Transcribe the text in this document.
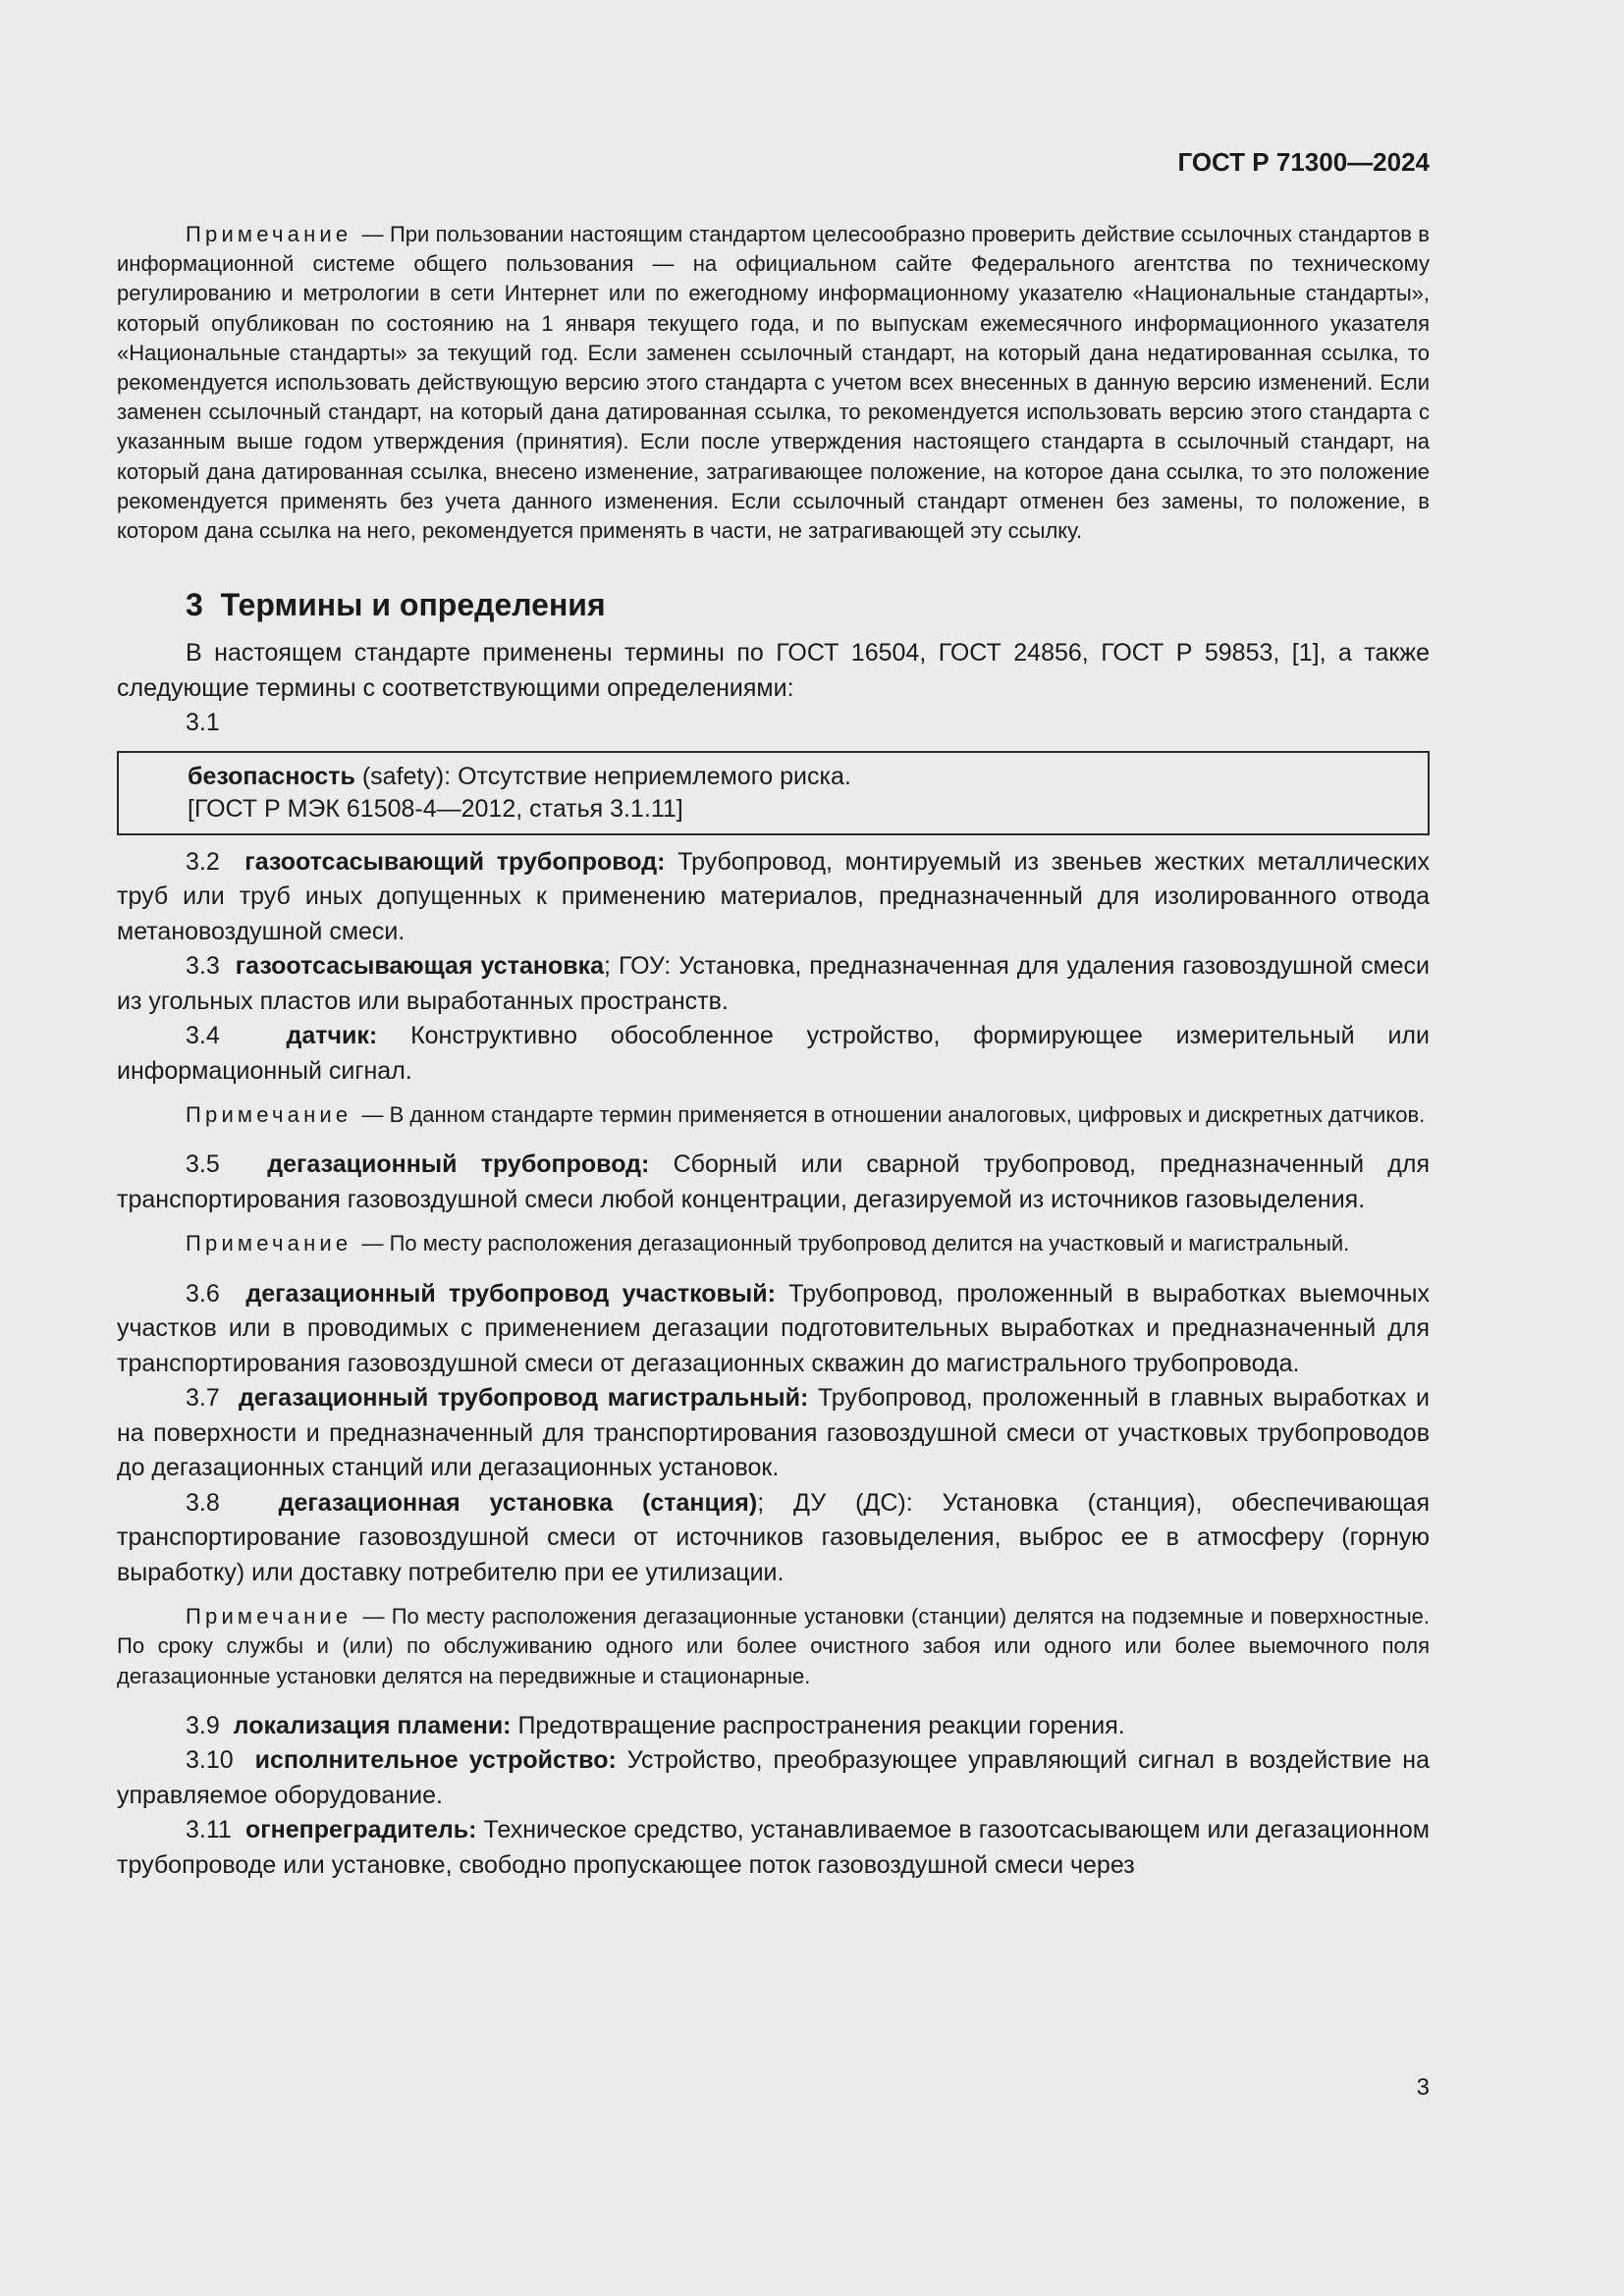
ГОСТ Р 71300—2024

Примечание — При пользовании настоящим стандартом целесообразно проверить действие ссылочных стандартов в информационной системе общего пользования — на официальном сайте Федерального агентства по техническому регулированию и метрологии в сети Интернет или по ежегодному информационному указателю «Национальные стандарты», который опубликован по состоянию на 1 января текущего года, и по выпускам ежемесячного информационного указателя «Национальные стандарты» за текущий год. Если заменен ссылочный стандарт, на который дана недатированная ссылка, то рекомендуется использовать действующую версию этого стандарта с учетом всех внесенных в данную версию изменений. Если заменен ссылочный стандарт, на который дана датированная ссылка, то рекомендуется использовать версию этого стандарта с указанным выше годом утверждения (принятия). Если после утверждения настоящего стандарта в ссылочный стандарт, на который дана датированная ссылка, внесено изменение, затрагивающее положение, на которое дана ссылка, то это положение рекомендуется применять без учета данного изменения. Если ссылочный стандарт отменен без замены, то положение, в котором дана ссылка на него, рекомендуется применять в части, не затрагивающей эту ссылку.

3 Термины и определения

В настоящем стандарте применены термины по ГОСТ 16504, ГОСТ 24856, ГОСТ Р 59853, [1], а также следующие термины с соответствующими определениями:

3.1
безопасность (safety): Отсутствие неприемлемого риска.
[ГОСТ Р МЭК 61508-4—2012, статья 3.1.11]

3.2 газоотсасывающий трубопровод: Трубопровод, монтируемый из звеньев жестких металлических труб или труб иных допущенных к применению материалов, предназначенный для изолированного отвода метановоздушной смеси.

3.3 газоотсасывающая установка; ГОУ: Установка, предназначенная для удаления газовоздушной смеси из угольных пластов или выработанных пространств.

3.4	датчик: Конструктивно обособленное устройство, формирующее измерительный или информационный сигнал.

Примечание — В данном стандарте термин применяется в отношении аналоговых, цифровых и дискретных датчиков.

3.5 дегазационный трубопровод: Сборный или сварной трубопровод, предназначенный для транспортирования газовоздушной смеси любой концентрации, дегазируемой из источников газовыделения.

Примечание — По месту расположения дегазационный трубопровод делится на участковый и магистральный.

3.6 дегазационный трубопровод участковый: Трубопровод, проложенный в выработках выемочных участков или в проводимых с применением дегазации подготовительных выработках и предназначенный для транспортирования газовоздушной смеси от дегазационных скважин до магистрального трубопровода.

3.7 дегазационный трубопровод магистральный: Трубопровод, проложенный в главных выработках и на поверхности и предназначенный для транспортирования газовоздушной смеси от участковых трубопроводов до дегазационных станций или дегазационных установок.

3.8 дегазационная установка (станция); ДУ (ДС): Установка (станция), обеспечивающая транспортирование газовоздушной смеси от источников газовыделения, выброс ее в атмосферу (горную выработку) или доставку потребителю при ее утилизации.

Примечание — По месту расположения дегазационные установки (станции) делятся на подземные и поверхностные. По сроку службы и (или) по обслуживанию одного или более очистного забоя или одного или более выемочного поля дегазационные установки делятся на передвижные и стационарные.

3.9 локализация пламени: Предотвращение распространения реакции горения.

3.10 исполнительное устройство: Устройство, преобразующее управляющий сигнал в воздействие на управляемое оборудование.

3.11 огнепреградитель: Техническое средство, устанавливаемое в газоотсасывающем или дегазационном трубопроводе или установке, свободно пропускающее поток газовоздушной смеси через

3
